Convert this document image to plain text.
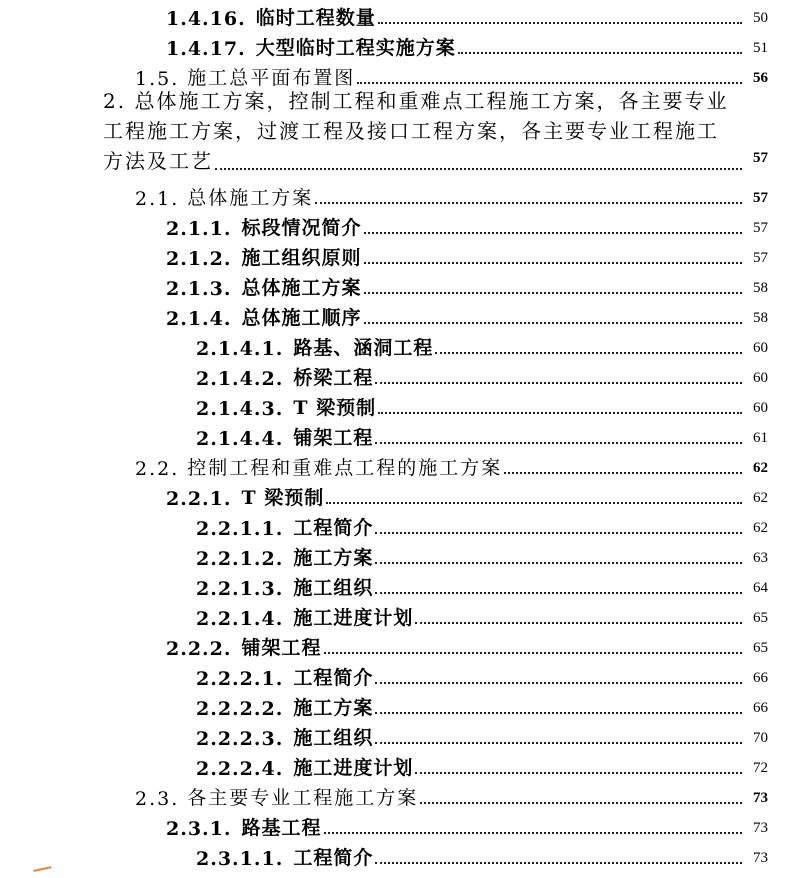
1.4.16. 临时工程数量	50
1.4.17. 大型临时工程实施方案	51
1.5. 施工总平面布置图	56
2. 总体施工方案，控制工程和重难点工程施工方案，各主要专业
工程施工方案，过渡工程及接口工程方案，各主要专业工程施工
方法及工艺	57
2.1. 总体施工方案	57
2.1.1. 标段情况简介	57
2.1.2. 施工组织原则	57
2.1.3. 总体施工方案	58
2.1.4. 总体施工顺序	58
2.1.4.1. 路基、涵洞工程	60
2.1.4.2. 桥梁工程	60
2.1.4.3. T 梁预制	60
2.1.4.4. 铺架工程	61
2.2. 控制工程和重难点工程的施工方案	62
2.2.1. T 梁预制	62
2.2.1.1. 工程简介	62
2.2.1.2. 施工方案	63
2.2.1.3. 施工组织	64
2.2.1.4. 施工进度计划	65
2.2.2. 铺架工程	65
2.2.2.1. 工程简介	66
2.2.2.2. 施工方案	66
2.2.2.3. 施工组织	70
2.2.2.4. 施工进度计划	72
2.3. 各主要专业工程施工方案	73
2.3.1. 路基工程	73
2.3.1.1. 工程简介	73
